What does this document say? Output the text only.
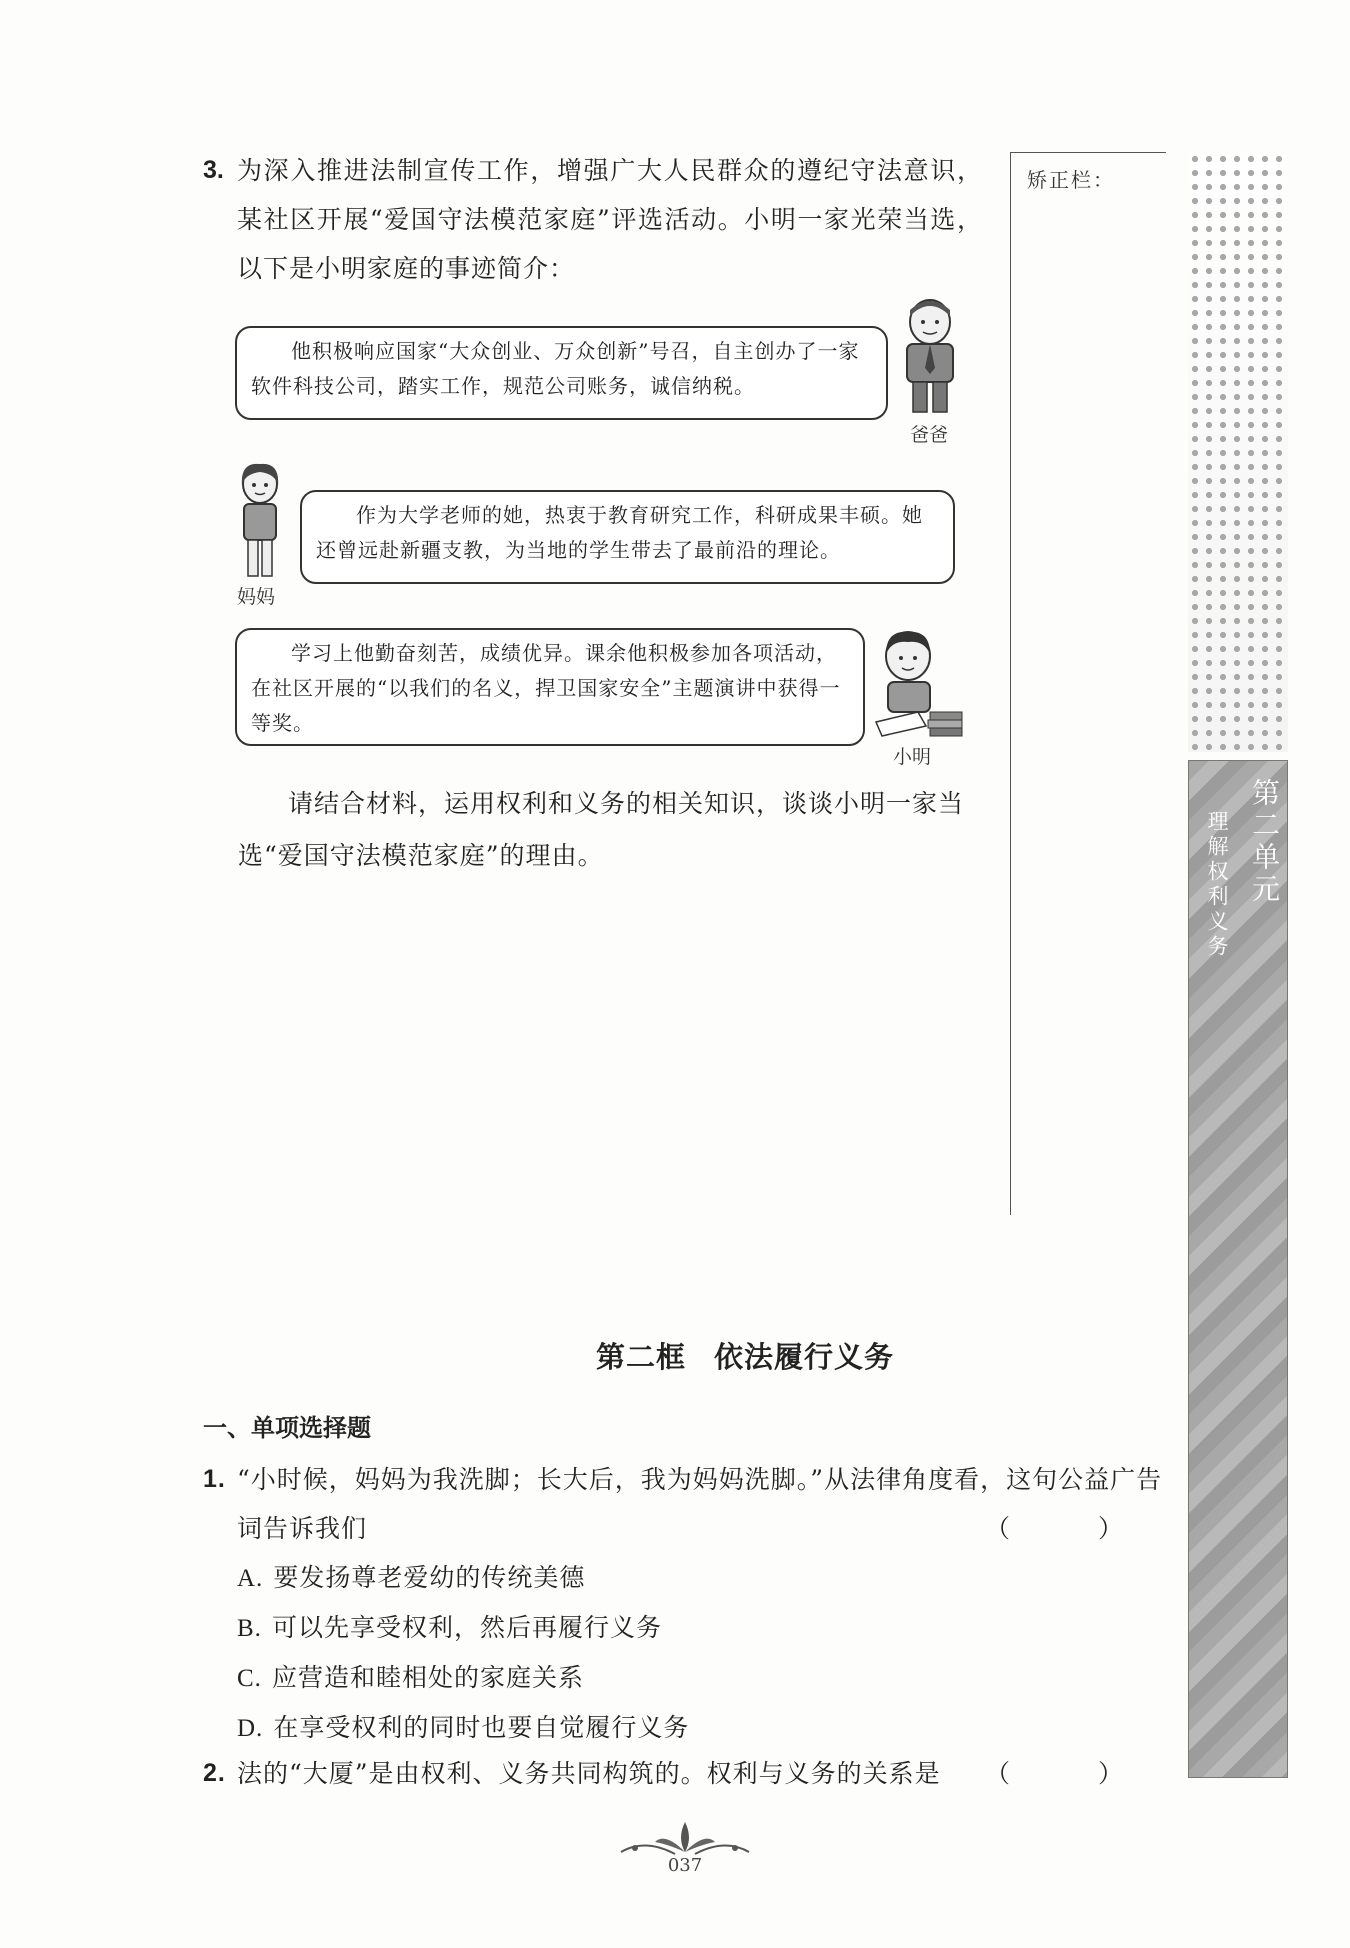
3. 为深入推进法制宣传工作，增强广大人民群众的遵纪守法意识，某社区开展“爱国守法模范家庭”评选活动。小明一家光荣当选，以下是小明家庭的事迹简介：
他积极响应国家“大众创业、万众创新”号召，自主创办了一家软件科技公司，踏实工作，规范公司账务，诚信纳税。
爸爸
妈妈
作为大学老师的她，热衷于教育研究工作，科研成果丰硕。她还曾远赴新疆支教，为当地的学生带去了最前沿的理论。
学习上他勤奋刻苦，成绩优异。课余他积极参加各项活动，在社区开展的“以我们的名义，捍卫国家安全”主题演讲中获得一等奖。
小明
请结合材料，运用权利和义务的相关知识，谈谈小明一家当选“爱国守法模范家庭”的理由。
矫正栏：
第二单元
理解权利义务
第二框 依法履行义务
一、单项选择题
1. “小时候，妈妈为我洗脚；长大后，我为妈妈洗脚。”从法律角度看，这句公益广告词告诉我们	（ ）
A. 要发扬尊老爱幼的传统美德
B. 可以先享受权利，然后再履行义务
C. 应营造和睦相处的家庭关系
D. 在享受权利的同时也要自觉履行义务
2. 法的“大厦”是由权利、义务共同构筑的。权利与义务的关系是	（ ）
037
